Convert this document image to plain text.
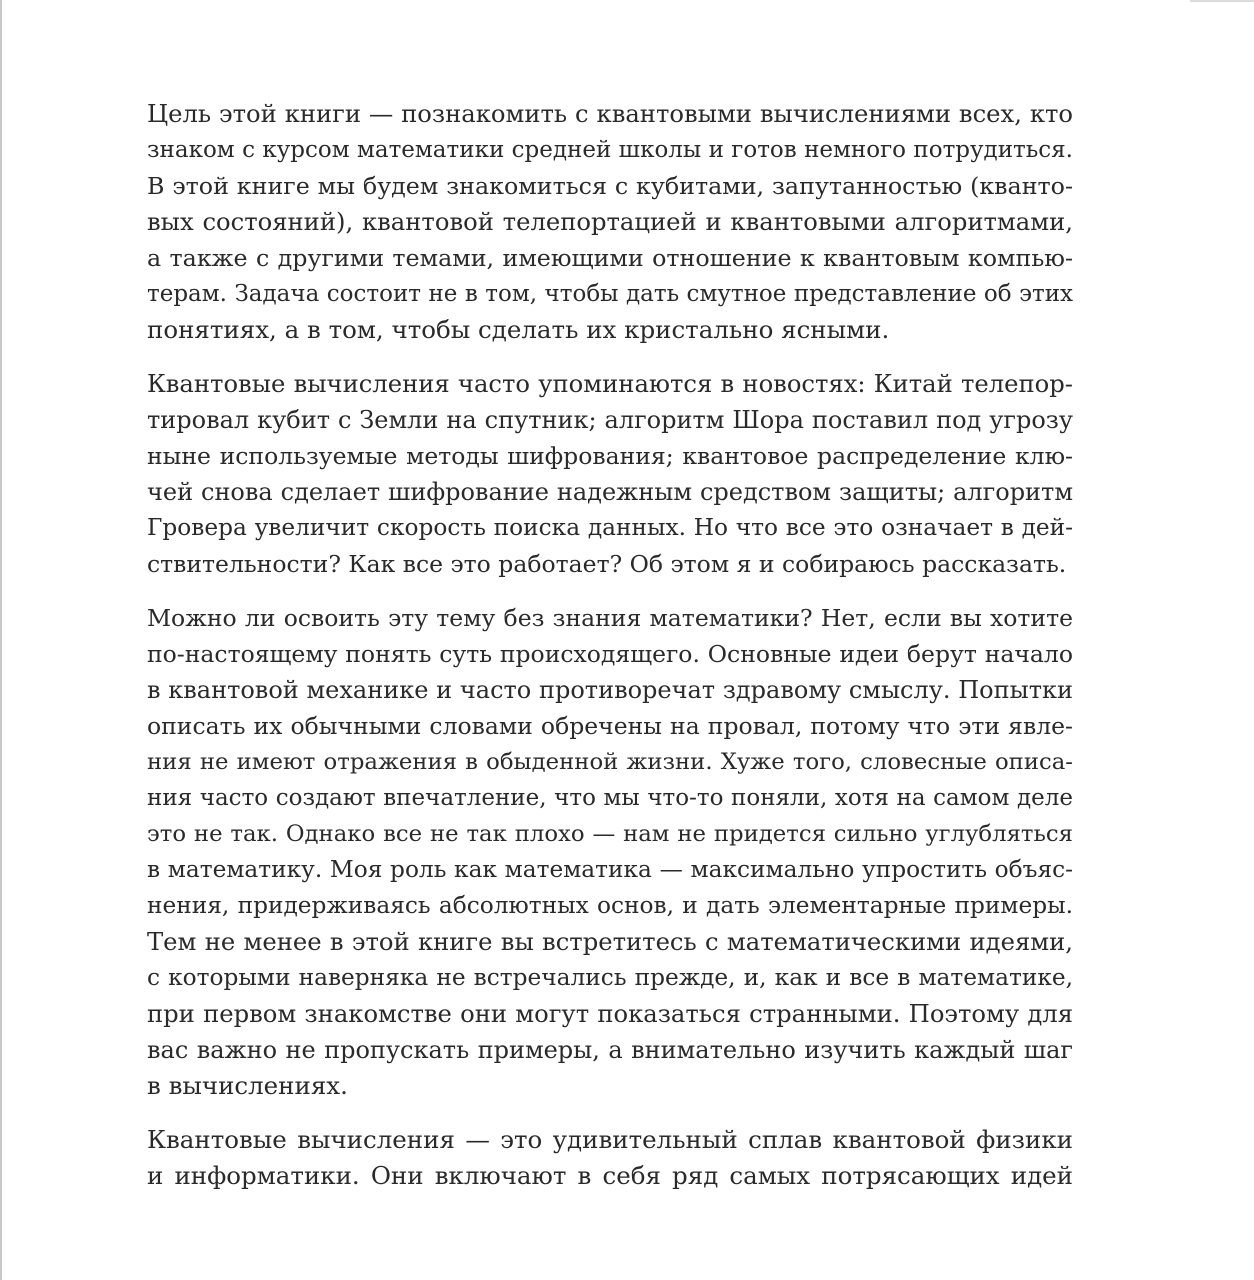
Цель этой книги — познакомить с квантовыми вычислениями всех, кто
знаком с курсом математики средней школы и готов немного потрудиться.
В этой книге мы будем знакомиться с кубитами, запутанностью (кванто-
вых состояний), квантовой телепортацией и квантовыми алгоритмами,
а также с другими темами, имеющими отношение к квантовым компью-
терам. Задача состоит не в том, чтобы дать смутное представление об этих
понятиях, а в том, чтобы сделать их кристально ясными.

Квантовые вычисления часто упоминаются в новостях: Китай телепор-
тировал кубит с Земли на спутник; алгоритм Шора поставил под угрозу
ныне используемые методы шифрования; квантовое распределение клю-
чей снова сделает шифрование надежным средством защиты; алгоритм
Гровера увеличит скорость поиска данных. Но что все это означает в дей-
ствительности? Как все это работает? Об этом я и собираюсь рассказать.

Можно ли освоить эту тему без знания математики? Нет, если вы хотите
по-настоящему понять суть происходящего. Основные идеи берут начало
в квантовой механике и часто противоречат здравому смыслу. Попытки
описать их обычными словами обречены на провал, потому что эти явле-
ния не имеют отражения в обыденной жизни. Хуже того, словесные описа-
ния часто создают впечатление, что мы что-то поняли, хотя на самом деле
это не так. Однако все не так плохо — нам не придется сильно углубляться
в математику. Моя роль как математика — максимально упростить объяс-
нения, придерживаясь абсолютных основ, и дать элементарные примеры.
Тем не менее в этой книге вы встретитесь с математическими идеями,
с которыми наверняка не встречались прежде, и, как и все в математике,
при первом знакомстве они могут показаться странными. Поэтому для
вас важно не пропускать примеры, а внимательно изучить каждый шаг
в вычислениях.

Квантовые вычисления — это удивительный сплав квантовой физики
и информатики. Они включают в себя ряд самых потрясающих идей
